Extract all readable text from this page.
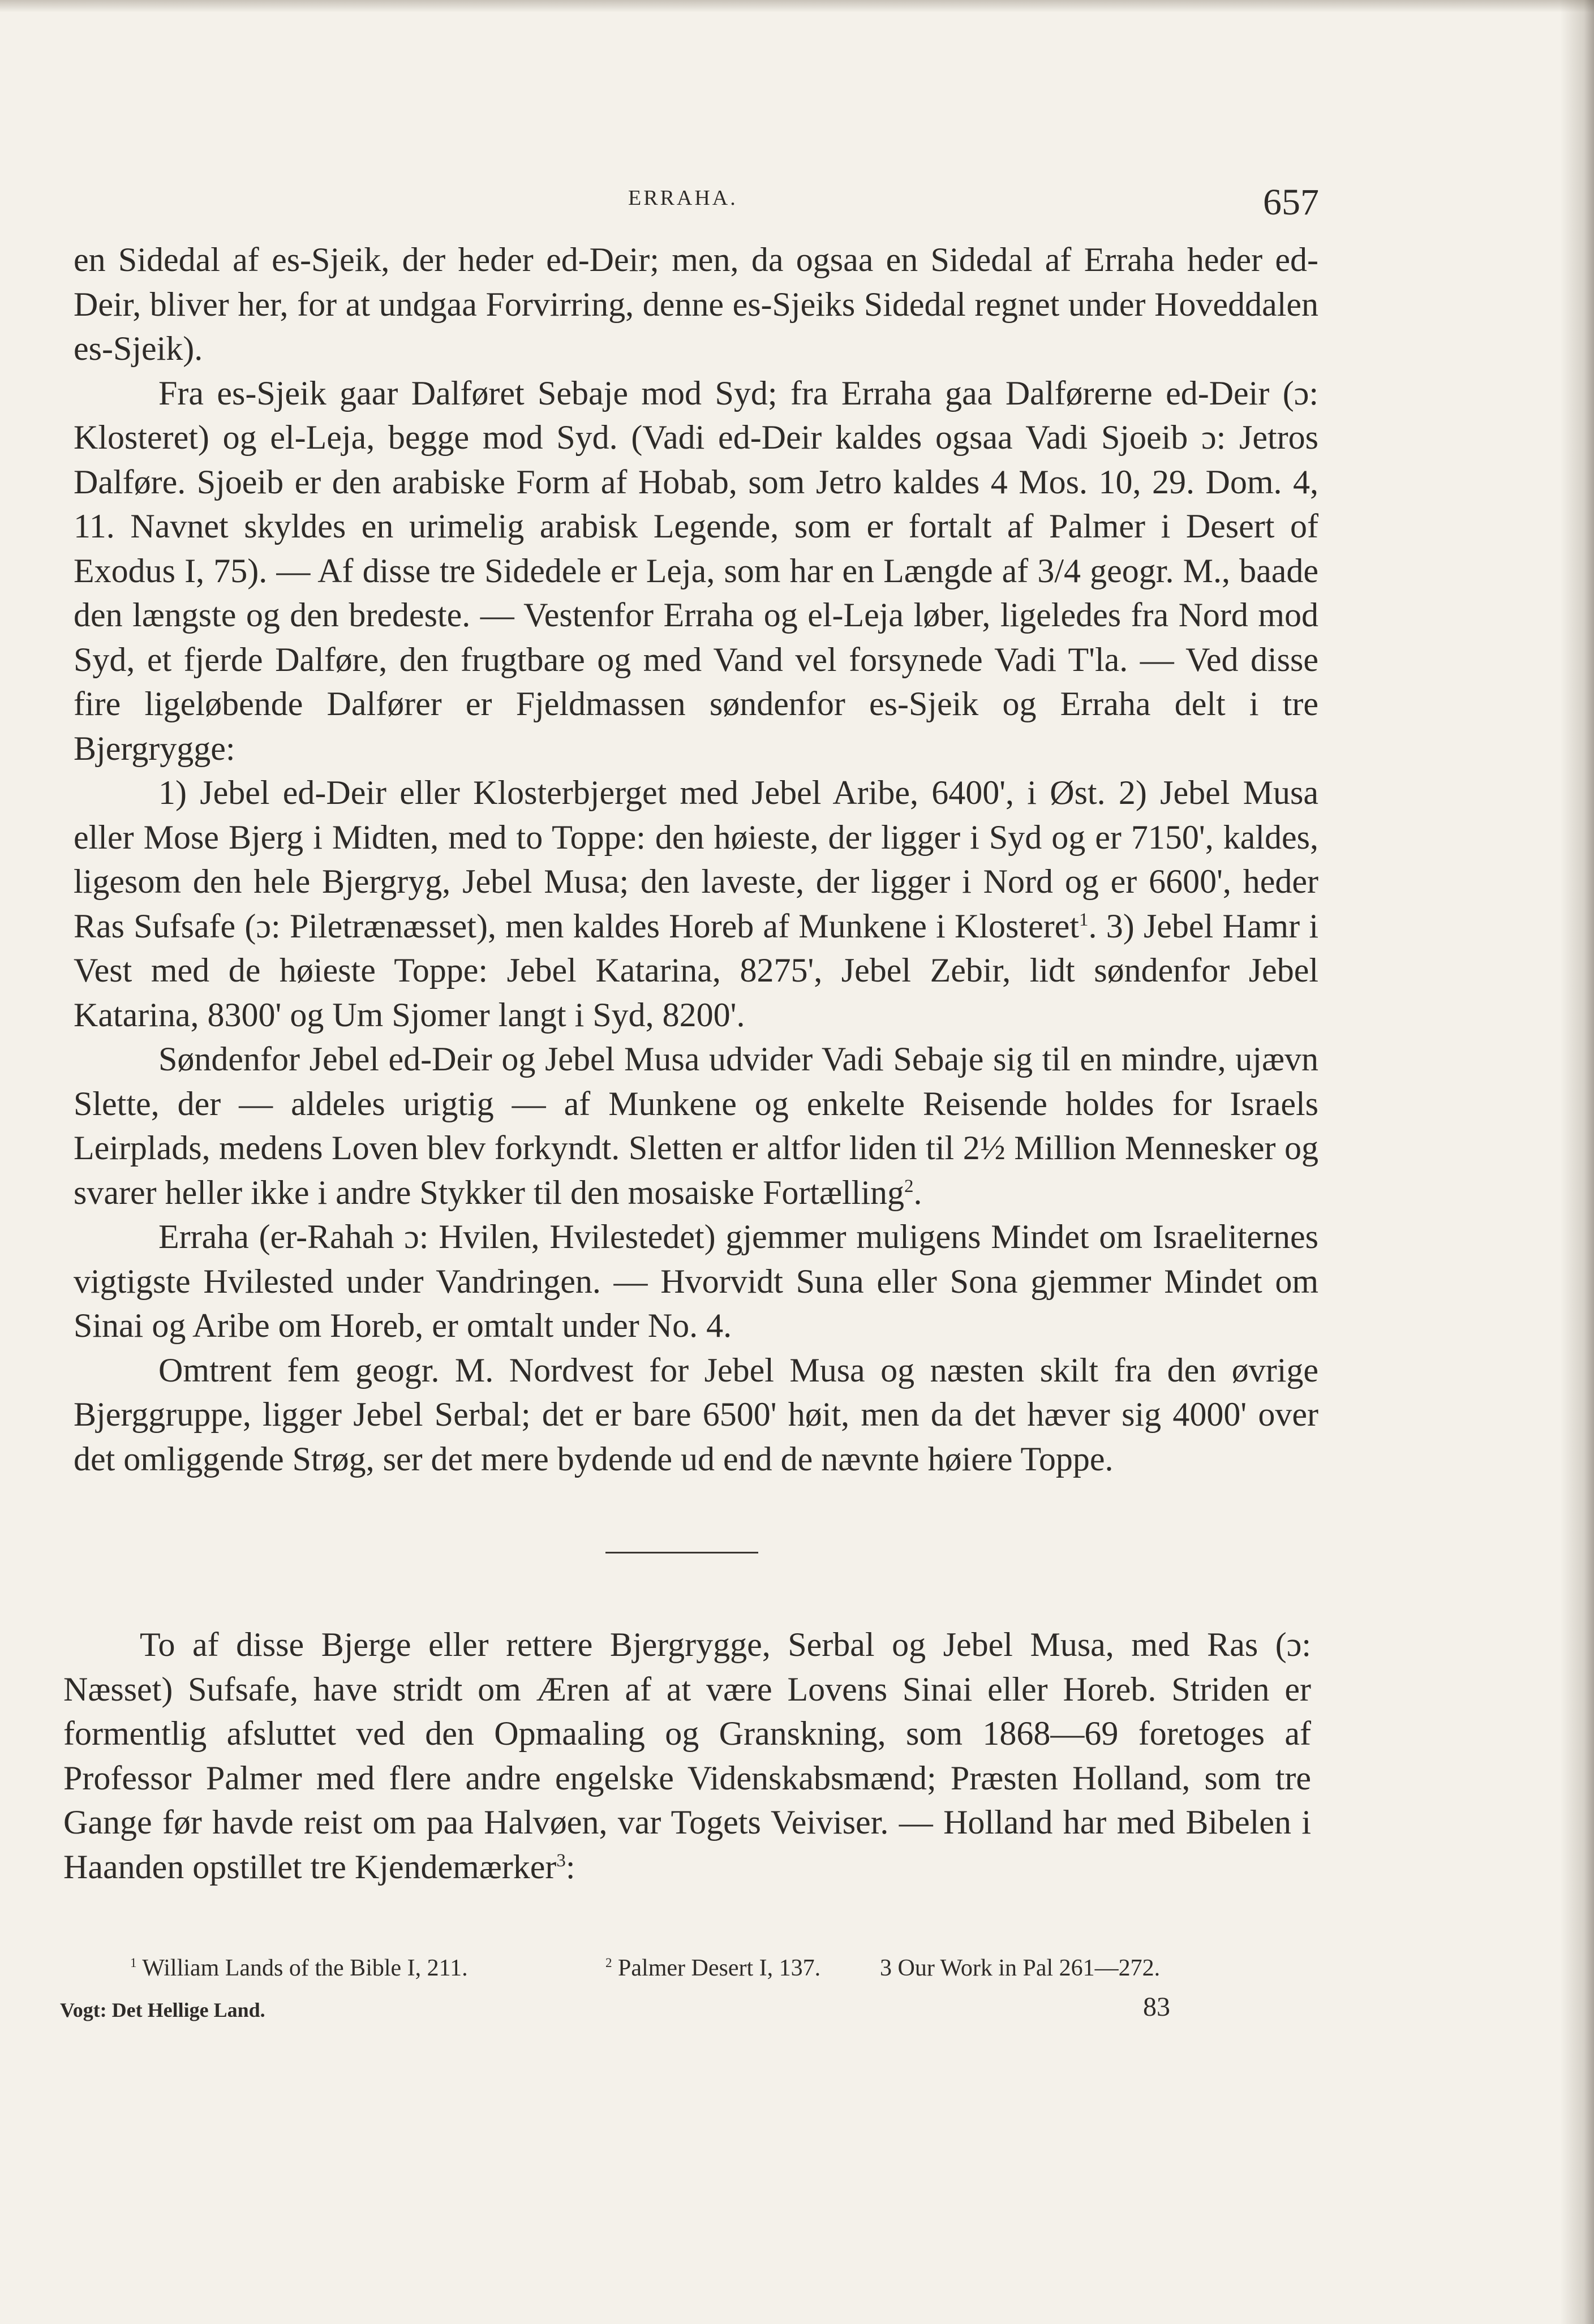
ERRAHA.	657

en Sidedal af es-Sjeik, der heder ed-Deir; men, da ogsaa en Sidedal af Erraha heder ed-Deir, bliver her, for at undgaa Forvirring, denne es-Sjeiks Sidedal regnet under Hoveddalen es-Sjeik).

Fra es-Sjeik gaar Dalføret Sebaje mod Syd; fra Erraha gaa Dalførerne ed-Deir (ɔ: Klosteret) og el-Leja, begge mod Syd. (Vadi ed-Deir kaldes ogsaa Vadi Sjoeib ɔ: Jetros Dalføre. Sjoeib er den arabiske Form af Hobab, som Jetro kaldes 4 Mos. 10, 29. Dom. 4, 11. Navnet skyldes en urimelig arabisk Legende, som er fortalt af Palmer i Desert of Exodus I, 75). — Af disse tre Sidedele er Leja, som har en Længde af 3/4 geogr. M., baade den længste og den bredeste. — Vestenfor Erraha og el-Leja løber, ligeledes fra Nord mod Syd, et fjerde Dalføre, den frugtbare og med Vand vel forsynede Vadi T'la. — Ved disse fire ligeløbende Dalfører er Fjeldmassen søndenfor es-Sjeik og Erraha delt i tre Bjergrygge:

1) Jebel ed-Deir eller Klosterbjerget med Jebel Aribe, 6400', i Øst. 2) Jebel Musa eller Mose Bjerg i Midten, med to Toppe: den høieste, der ligger i Syd og er 7150', kaldes, ligesom den hele Bjergryg, Jebel Musa; den laveste, der ligger i Nord og er 6600', heder Ras Sufsafe (ɔ: Piletrænæsset), men kaldes Horeb af Munkene i Klosteret$^1$. 3) Jebel Hamr i Vest med de høieste Toppe: Jebel Katarina, 8275', Jebel Zebir, lidt søndenfor Jebel Katarina, 8300' og Um Sjomer langt i Syd, 8200'.

Søndenfor Jebel ed-Deir og Jebel Musa udvider Vadi Sebaje sig til en mindre, ujævn Slette, der — aldeles urigtig — af Munkene og enkelte Reisende holdes for Israels Leirplads, medens Loven blev forkyndt. Sletten er altfor liden til 2½ Million Mennesker og svarer heller ikke i andre Stykker til den mosaiske Fortælling$^2$.

Erraha (er-Rahah ɔ: Hvilen, Hvilestedet) gjemmer muligens Mindet om Israeliternes vigtigste Hvilested under Vandringen. — Hvorvidt Suna eller Sona gjemmer Mindet om Sinai og Aribe om Horeb, er omtalt under No. 4.

Omtrent fem geogr. M. Nordvest for Jebel Musa og næsten skilt fra den øvrige Bjerggruppe, ligger Jebel Serbal; det er bare 6500' høit, men da det hæver sig 4000' over det omliggende Strøg, ser det mere bydende ud end de nævnte høiere Toppe.

To af disse Bjerge eller rettere Bjergrygge, Serbal og Jebel Musa, med Ras (ɔ: Næsset) Sufsafe, have stridt om Æren af at være Lovens Sinai eller Horeb. Striden er formentlig afsluttet ved den Opmaaling og Granskning, som 1868—69 foretoges af Professor Palmer med flere andre engelske Videnskabsmænd; Præsten Holland, som tre Gange før havde reist om paa Halvøen, var Togets Veiviser. — Holland har med Bibelen i Haanden opstillet tre Kjendemærker$^3$:

$^1$ William Lands of the Bible I, 211.	$^2$ Palmer Desert I, 137. 3 Our Work in Pal 261—272.
Vogt: Det Hellige Land.	83
